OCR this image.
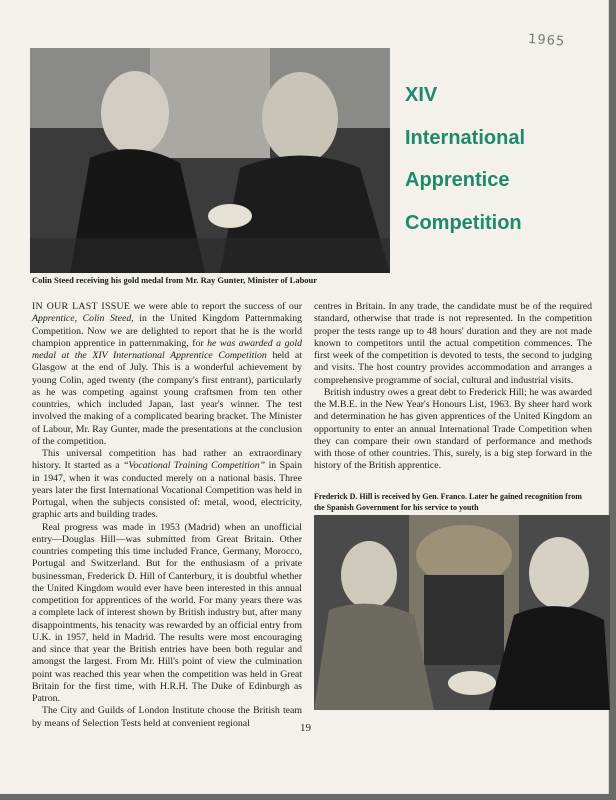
1965
Colin Steed receiving his gold medal from Mr. Ray Gunter, Minister of Labour
XIV
International
Apprentice
Competition

IN OUR LAST ISSUE we were able to report the success of our Apprentice, Colin Steed, in the United Kingdom Patternmaking Competition. Now we are delighted to report that he is the world champion apprentice in patternmaking, for he was awarded a gold medal at the XIV International Apprentice Competition held at Glasgow at the end of July. This is a wonderful achievement by young Colin, aged twenty (the company's first entrant), particularly as he was competing against young craftsmen from ten other countries, which included Japan, last year's winner. The test involved the making of a complicated bearing bracket. The Minister of Labour, Mr. Ray Gunter, made the presentations at the conclusion of the competition.

This universal competition has had rather an extraordinary history. It started as a “Vocational Training Competition” in Spain in 1947, when it was conducted merely on a national basis. Three years later the first International Vocational Competition was held in Portugal, when the subjects consisted of: metal, wood, electricity, graphic arts and building trades.

Real progress was made in 1953 (Madrid) when an unofficial entry—Douglas Hill—was submitted from Great Britain. Other countries competing this time included France, Germany, Morocco, Portugal and Switzerland. But for the enthusiasm of a private businessman, Frederick D. Hill of Canterbury, it is doubtful whether the United Kingdom would ever have been interested in this annual competition for apprentices of the world. For many years there was a complete lack of interest shown by British industry but, after many disappointments, his tenacity was rewarded by an official entry from U.K. in 1957, held in Madrid. The results were most encouraging and since that year the British entries have been both regular and amongst the largest. From Mr. Hill's point of view the culmination point was reached this year when the competition was held in Great Britain for the first time, with H.R.H. The Duke of Edinburgh as Patron.

The City and Guilds of London Institute choose the British team by means of Selection Tests held at convenient regional

centres in Britain. In any trade, the candidate must be of the required standard, otherwise that trade is not represented. In the competition proper the tests range up to 48 hours' duration and they are not made known to competitors until the actual competition commences. The first week of the competition is devoted to tests, the second to judging and visits. The host country provides accommodation and arranges a comprehensive programme of social, cultural and industrial visits.

British industry owes a great debt to Frederick Hill; he was awarded the M.B.E. in the New Year's Honours List, 1963. By sheer hard work and determination he has given apprentices of the United Kingdom an opportunity to enter an annual International Trade Competition when they can compare their own standard of performance and methods with those of other countries. This, surely, is a big step forward in the history of the British apprentice.

Frederick D. Hill is received by Gen. Franco. Later he gained recognition from the Spanish Government for his service to youth
19
